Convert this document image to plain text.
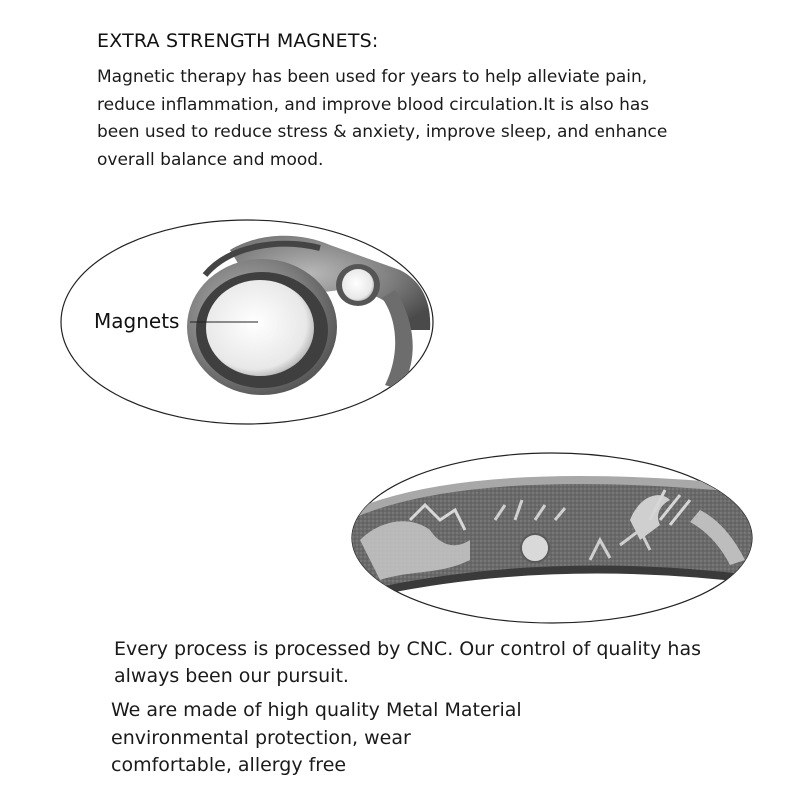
EXTRA STRENGTH MAGNETS:
Magnetic therapy has been used for years to help alleviate pain,
reduce inflammation, and improve blood circulation.It is also has
been used to reduce stress & anxiety, improve sleep, and enhance
overall balance and mood.
Magnets
Every process is processed by CNC. Our control of quality has
always been our pursuit.
We are made of high quality Metal Material
environmental protection, wear
comfortable, allergy free
